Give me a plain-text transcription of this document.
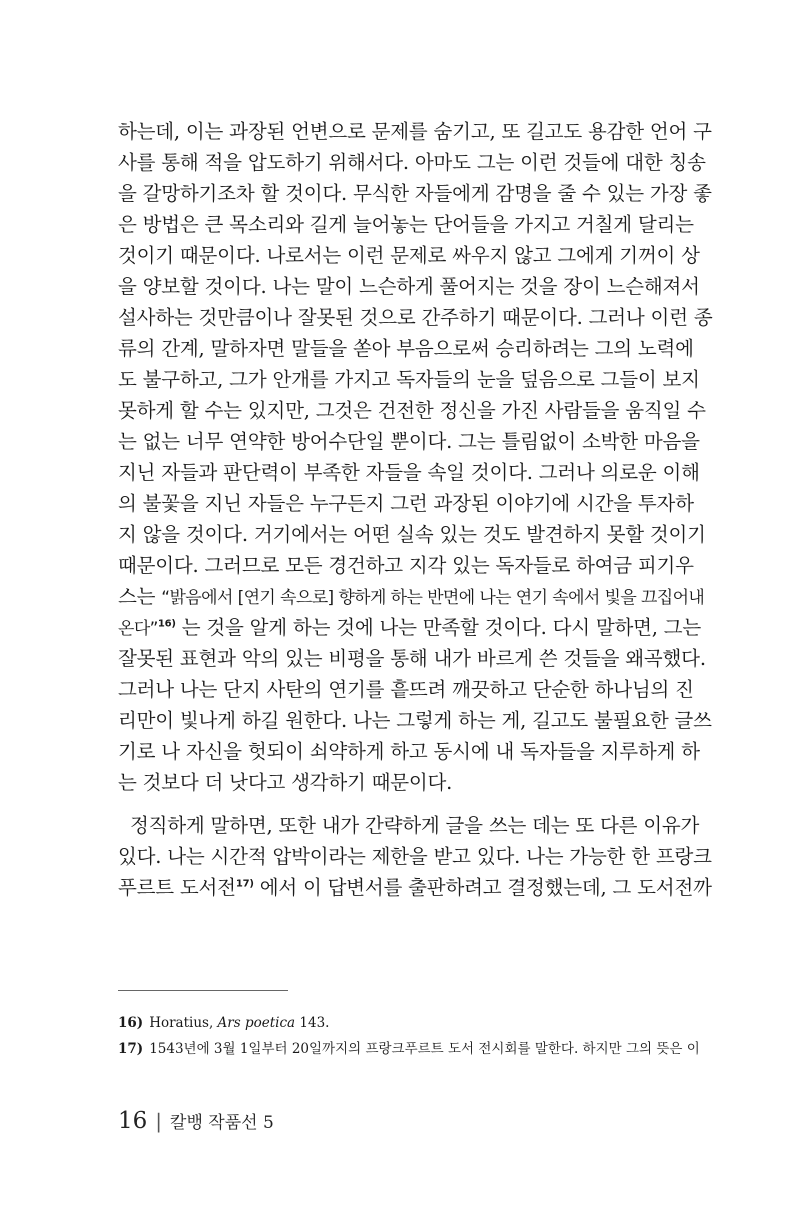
하는데, 이는 과장된 언변으로 문제를 숨기고, 또 길고도 용감한 언어 구
사를 통해 적을 압도하기 위해서다. 아마도 그는 이런 것들에 대한 칭송
을 갈망하기조차 할 것이다. 무식한 자들에게 감명을 줄 수 있는 가장 좋
은 방법은 큰 목소리와 길게 늘어놓는 단어들을 가지고 거칠게 달리는
것이기 때문이다. 나로서는 이런 문제로 싸우지 않고 그에게 기꺼이 상
을 양보할 것이다. 나는 말이 느슨하게 풀어지는 것을 장이 느슨해져서
설사하는 것만큼이나 잘못된 것으로 간주하기 때문이다. 그러나 이런 종
류의 간계, 말하자면 말들을 쏟아 부음으로써 승리하려는 그의 노력에
도 불구하고, 그가 안개를 가지고 독자들의 눈을 덮음으로 그들이 보지
못하게 할 수는 있지만, 그것은 건전한 정신을 가진 사람들을 움직일 수
는 없는 너무 연약한 방어수단일 뿐이다. 그는 틀림없이 소박한 마음을
지닌 자들과 판단력이 부족한 자들을 속일 것이다. 그러나 의로운 이해
의 불꽃을 지닌 자들은 누구든지 그런 과장된 이야기에 시간을 투자하
지 않을 것이다. 거기에서는 어떤 실속 있는 것도 발견하지 못할 것이기
때문이다. 그러므로 모든 경건하고 지각 있는 독자들로 하여금 피기우
스는 “밝음에서 [연기 속으로] 향하게 하는 반면에 나는 연기 속에서 빛을 끄집어내
온다”$^{16)}$ 는 것을 알게 하는 것에 나는 만족할 것이다. 다시 말하면, 그는
잘못된 표현과 악의 있는 비평을 통해 내가 바르게 쓴 것들을 왜곡했다.
그러나 나는 단지 사탄의 연기를 흩뜨려 깨끗하고 단순한 하나님의 진
리만이 빛나게 하길 원한다. 나는 그렇게 하는 게, 길고도 불필요한 글쓰
기로 나 자신을 헛되이 쇠약하게 하고 동시에 내 독자들을 지루하게 하
는 것보다 더 낫다고 생각하기 때문이다.
정직하게 말하면, 또한 내가 간략하게 글을 쓰는 데는 또 다른 이유가
있다. 나는 시간적 압박이라는 제한을 받고 있다. 나는 가능한 한 프랑크
푸르트 도서전$^{17)}$ 에서 이 답변서를 출판하려고 결정했는데, 그 도서전까
16) Horatius, Ars poetica 143.
17) 1543년에 3월 1일부터 20일까지의 프랑크푸르트 도서 전시회를 말한다. 하지만 그의 뜻은 이
16 | 칼뱅 작품선 5
